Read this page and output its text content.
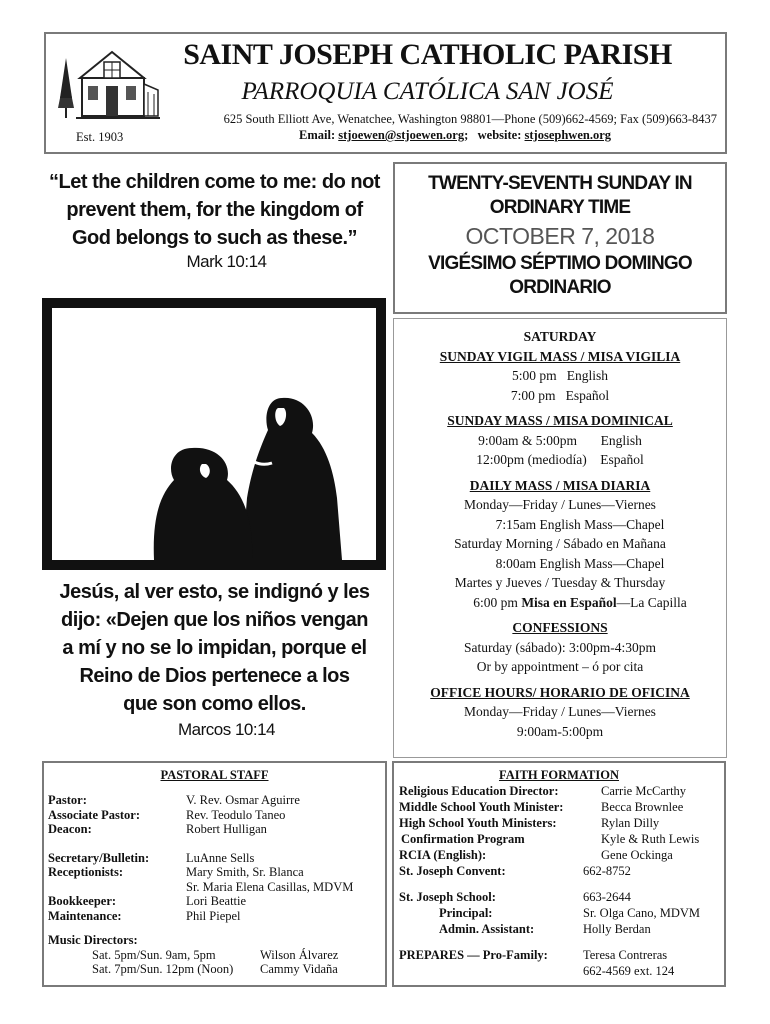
SAINT JOSEPH CATHOLIC PARISH
PARROQUIA CATÓLICA SAN JOSÉ
625 South Elliott Ave, Wenatchee, Washington 98801—Phone (509)662-4569; Fax (509)663-8437
Email: stjoewen@stjoewen.org;   website: stjosephwen.org
Est. 1903
“Let the children come to me: do not
prevent them, for the kingdom of
God belongs to such as these.”
Mark 10:14
Jesús, al ver esto, se indignó y les
dijo: «Dejen que los niños vengan
a mí y no se lo impidan, porque el
Reino de Dios pertenece a los
que son como ellos.
Marcos 10:14
TWENTY-SEVENTH SUNDAY IN
ORDINARY TIME
OCTOBER 7, 2018
VIGÉSIMO SÉPTIMO DOMINGO
ORDINARIO
SATURDAY
SUNDAY VIGIL MASS / MISA VIGILIA
5:00 pm   English
7:00 pm   Español
SUNDAY MASS / MISA DOMINICAL
9:00am & 5:00pm       English
12:00pm (mediodía)    Español
DAILY MASS / MISA DIARIA
Monday—Friday / Lunes—Viernes
7:15am English Mass—Chapel
Saturday Morning / Sábado en Mañana
8:00am English Mass—Chapel
Martes y Jueves / Tuesday & Thursday
6:00 pm Misa en Español—La Capilla
CONFESSIONS
Saturday (sábado): 3:00pm-4:30pm
Or by appointment – ó por cita
OFFICE HOURS/ HORARIO DE OFICINA
Monday—Friday / Lunes—Viernes
9:00am-5:00pm
PASTORAL STAFF
Pastor:	V. Rev. Osmar Aguirre
Associate Pastor:	Rev. Teodulo Taneo
Deacon:	Robert Hulligan
Secretary/Bulletin:	LuAnne Sells
Receptionists:	Mary Smith, Sr. Blanca
Sr. Maria Elena Casillas, MDVM
Bookkeeper:	Lori Beattie
Maintenance:	Phil Piepel
Music Directors:
Sat. 5pm/Sun. 9am, 5pm	Wilson Álvarez
Sat. 7pm/Sun. 12pm (Noon)	Cammy Vidaña
FAITH FORMATION
Religious Education Director:	Carrie McCarthy
Middle School Youth Minister:	Becca Brownlee
High School Youth Ministers:	Rylan Dilly
Confirmation Program	Kyle & Ruth Lewis
RCIA (English):	Gene Ockinga
St. Joseph Convent:	662-8752
St. Joseph School:	663-2644
Principal:	Sr. Olga Cano, MDVM
Admin. Assistant:	Holly Berdan
PREPARES — Pro-Family:	Teresa Contreras
662-4569 ext. 124
